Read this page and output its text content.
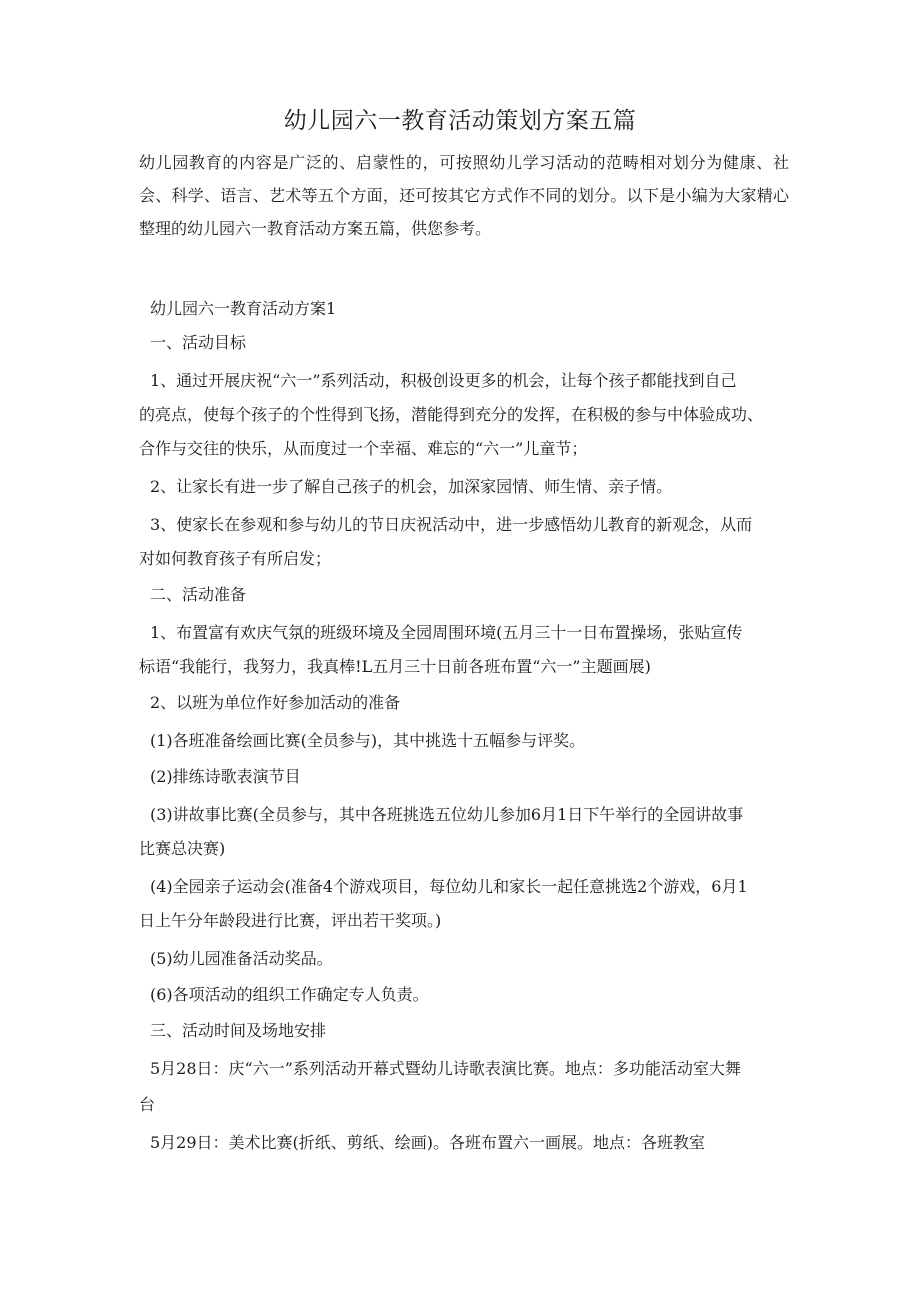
幼儿园六一教育活动策划方案五篇

幼儿园教育的内容是广泛的、启蒙性的，可按照幼儿学习活动的范畴相对划分为健康、社会、科学、语言、艺术等五个方面，还可按其它方式作不同的划分。以下是小编为大家精心整理的幼儿园六一教育活动方案五篇，供您参考。

幼儿园六一教育活动方案1
一、活动目标
1、通过开展庆祝“六一”系列活动，积极创设更多的机会，让每个孩子都能找到自己
的亮点，使每个孩子的个性得到飞扬，潜能得到充分的发挥，在积极的参与中体验成功、
合作与交往的快乐，从而度过一个幸福、难忘的“六一”儿童节；
2、让家长有进一步了解自己孩子的机会，加深家园情、师生情、亲子情。
3、使家长在参观和参与幼儿的节日庆祝活动中，进一步感悟幼儿教育的新观念，从而
对如何教育孩子有所启发；
二、活动准备
1、布置富有欢庆气氛的班级环境及全园周围环境(五月三十一日布置操场，张贴宣传
标语“我能行，我努力，我真棒!L五月三十日前各班布置“六一”主题画展)
2、以班为单位作好参加活动的准备
(1)各班准备绘画比赛(全员参与)，其中挑选十五幅参与评奖。
(2)排练诗歌表演节目
(3)讲故事比赛(全员参与，其中各班挑选五位幼儿参加6月1日下午举行的全园讲故事
比赛总决赛)
(4)全园亲子运动会(准备4个游戏项目，每位幼儿和家长一起任意挑选2个游戏，6月1
日上午分年龄段进行比赛，评出若干奖项。)
(5)幼儿园准备活动奖品。
(6)各项活动的组织工作确定专人负责。
三、活动时间及场地安排
5月28日：庆“六一”系列活动开幕式暨幼儿诗歌表演比赛。地点：多功能活动室大舞
台
5月29日：美术比赛(折纸、剪纸、绘画)。各班布置六一画展。地点：各班教室
